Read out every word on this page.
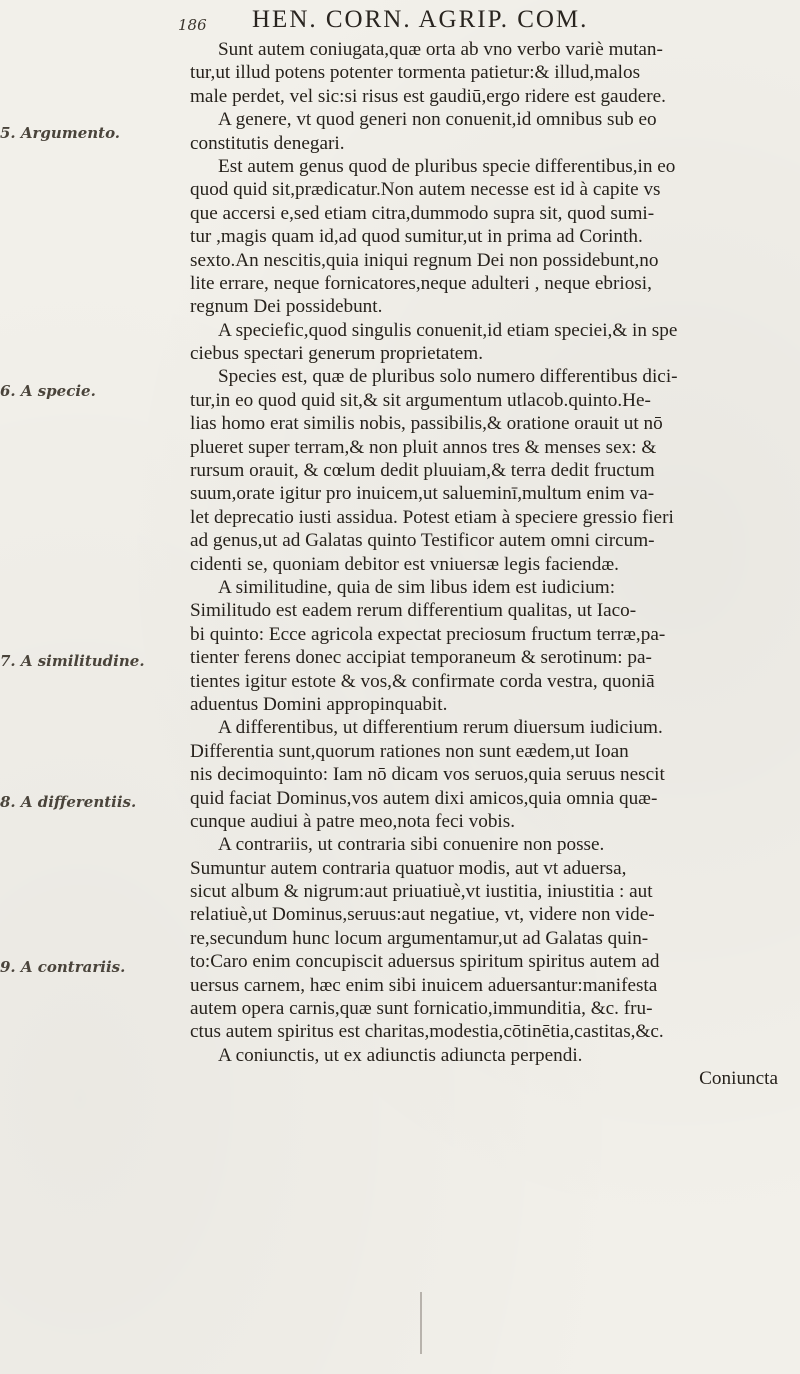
186 HEN. CORN. AGRIP. COM.
5. Argumento.
6. A specie.
7. A similitudine.
8. A differentiis.
9. A contrariis.
Sunt autem coniugata,quæ orta ab vno verbo variè mutan-
tur,ut illud potens potenter tormenta patietur:& illud,malos
male perdet, vel sic:si risus est gaudiū,ergo ridere est gaudere.
A genere, vt quod generi non conuenit,id omnibus sub eo
constitutis denegari.
Est autem genus quod de pluribus specie differentibus,in eo
quod quid sit,prædicatur.Non autem necesse est id à capite vs
que accersi e,sed etiam citra,dummodo supra sit, quod sumi-
tur ,magis quam id,ad quod sumitur,ut in prima ad Corinth.
sexto.An nescitis,quia iniqui regnum Dei non possidebunt,no
lite errare, neque fornicatores,neque adulteri , neque ebriosi,
regnum Dei possidebunt.
A speciefic,quod singulis conuenit,id etiam speciei,& in spe
ciebus specŧari generum proprietatem.
Species est, quæ de pluribus solo numero differentibus dici-
tur,in eo quod quid sit,& sit argumentum utlacob.quinto.He-
lias homo erat similis nobis, passibilis,& oratione orauit ut nō
plueret super terram,& non pluit annos tres & menses sex: &
rursum orauit, & cœlum dedit pluuiam,& terra dedit fructum
suum,orate igitur pro inuicem,ut salueminī,multum enim va-
let deprecatio iusti assidua. Potest etiam à speciere gressio fieri
ad genus,ut ad Galatas quinto Testificor autem omni circum-
cidenti se, quoniam debitor est vniuersæ legis faciendæ.
A similitudine, quia de sim libus idem est iudicium:
Similitudo est eadem rerum differentium qualitas, ut Iaco-
bi quinto: Ecce agricola expectat preciosum fructum terræ,pa-
tienter ferens donec accipiat temporaneum & serotinum: pa-
tientes igitur estote & vos,& confirmate corda vestra, quoniā
aduentus Domini appropinquabit.
A differentibus, ut differentium rerum diuersum iudicium.
Differentia sunt,quorum rationes non sunt eædem,ut Ioan
nis decimoquinto: Iam nō dicam vos seruos,quia seruus nescit
quid faciat Dominus,vos autem dixi amicos,quia omnia quæ-
cunque audiui à patre meo,nota feci vobis.
A contrariis, ut contraria sibi conuenire non posse.
Sumuntur autem contraria quatuor modis, aut vt aduersa,
sicut album & nigrum:aut priuatiuè,vt iustitia, iniustitia : aut
relatiuè,ut Dominus,seruus:aut negatiue, vt, videre non vide-
re,secundum hunc locum argumentamur,ut ad Galatas quin-
to:Caro enim concupiscit aduersus spiritum spiritus autem ad
uersus carnem, hæc enim sibi inuicem aduersantur:manifesta
autem opera carnis,quæ sunt fornicatio,immunditia, &c. fru-
ctus autem spiritus est charitas,modestia,cōtinētia,castitas,&c.
A coniunctis, ut ex adiunctis adiuncta perpendi.
Coniuncta
